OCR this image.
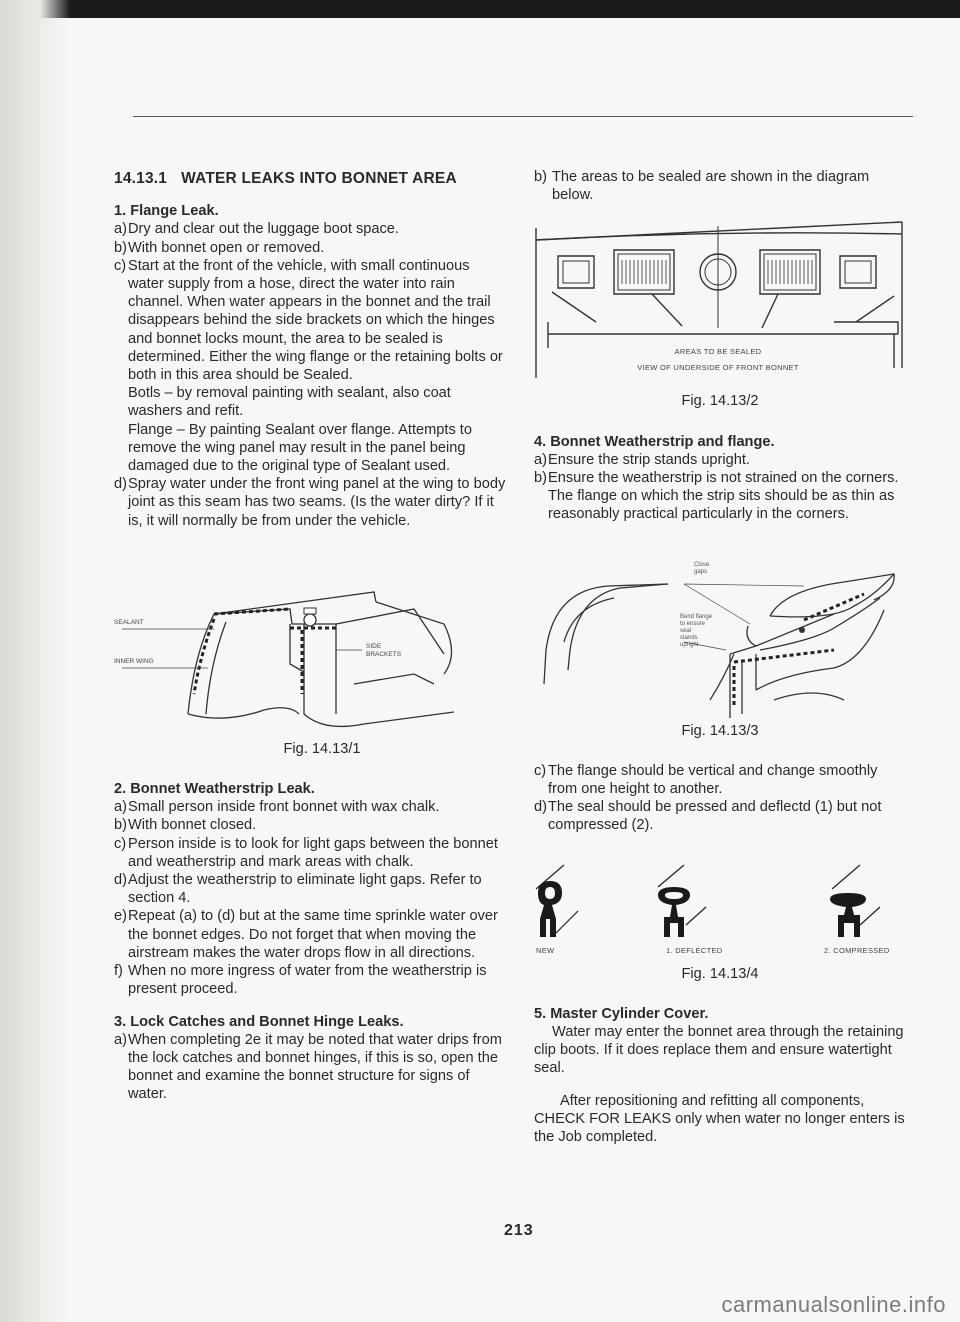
14.13.1 WATER LEAKS INTO BONNET AREA
1. Flange Leak.
a) Dry and clear out the luggage boot space.
b) With bonnet open or removed.
c) Start at the front of the vehicle, with small continuous water supply from a hose, direct the water into rain channel. When water appears in the bonnet and the trail disappears behind the side brackets on which the hinges and bonnet locks mount, the area to be sealed is determined. Either the wing flange or the retaining bolts or both in this area should be Sealed.
Botls – by removal painting with sealant, also coat washers and refit.
Flange – By painting Sealant over flange. Attempts to remove the wing panel may result in the panel being damaged due to the original type of Sealant used.
d) Spray water under the front wing panel at the wing to body joint as this seam has two seams. (Is the water dirty? If it is, it will normally be from under the vehicle.
SEALANT
INNER WING
SIDE
BRACKETS
Fig. 14.13/1
2. Bonnet Weatherstrip Leak.
a) Small person inside front bonnet with wax chalk.
b) With bonnet closed.
c) Person inside is to look for light gaps between the bonnet and weatherstrip and mark areas with chalk.
d) Adjust the weatherstrip to eliminate light gaps. Refer to section 4.
e) Repeat (a) to (d) but at the same time sprinkle water over the bonnet edges. Do not forget that when moving the airstream makes the water drops flow in all directions.
f) When no more ingress of water from the weatherstrip is present proceed.
3. Lock Catches and Bonnet Hinge Leaks.
a) When completing 2e it may be noted that water drips from the lock catches and bonnet hinges, if this is so, open the bonnet and examine the bonnet structure for signs of water.
b) The areas to be sealed are shown in the diagram below.
AREAS TO BE SEALED
VIEW OF UNDERSIDE OF FRONT BONNET
Fig. 14.13/2
4. Bonnet Weatherstrip and flange.
a) Ensure the strip stands upright.
b) Ensure the weatherstrip is not strained on the corners. The flange on which the strip sits should be as thin as reasonably practical particularly in the corners.
Close
gaps
Bend flange
to ensure
seal
stands
upright
Fig. 14.13/3
c) The flange should be vertical and change smoothly from one height to another.
d) The seal should be pressed and deflectd (1) but not compressed (2).
NEW	1. DEFLECTED	2. COMPRESSED
Fig. 14.13/4
5. Master Cylinder Cover.

Water may enter the bonnet area through the retaining clip boots. If it does replace them and ensure watertight seal.

After repositioning and refitting all components, CHECK FOR LEAKS only when water no longer enters is the Job completed.

213
carmanualsonline.info
